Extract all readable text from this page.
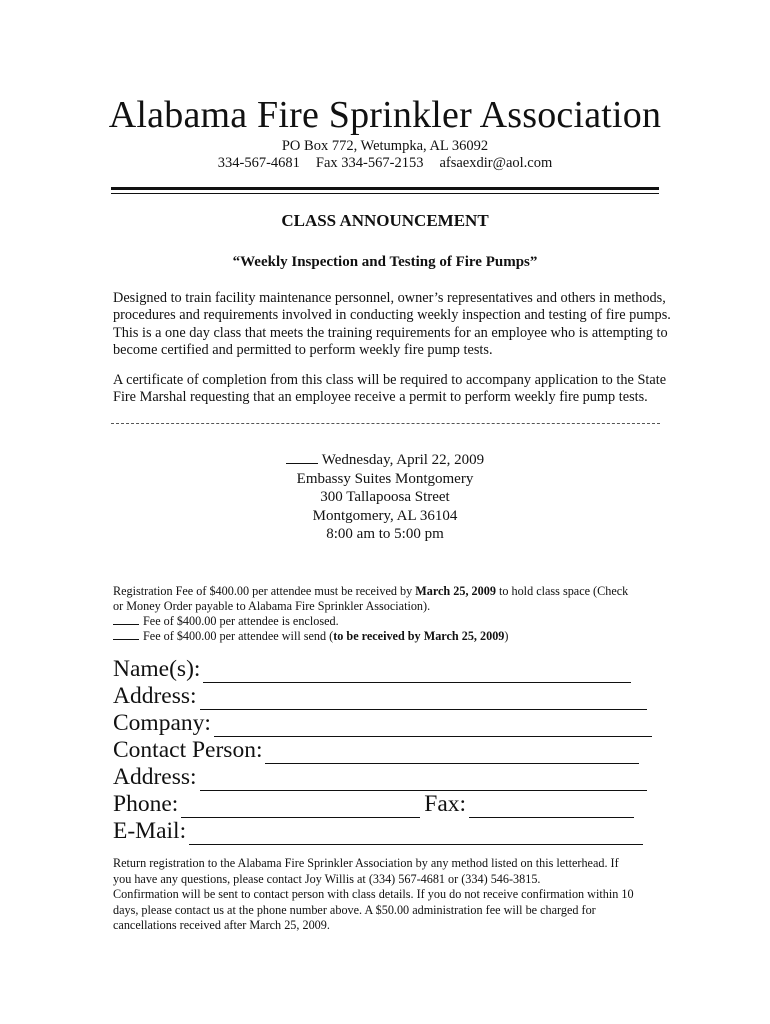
Alabama Fire Sprinkler Association
PO Box 772, Wetumpka, AL 36092
334-567-4681 Fax 334-567-2153 afsaexdir@aol.com
CLASS ANNOUNCEMENT
“Weekly Inspection and Testing of Fire Pumps”
Designed to train facility maintenance personnel, owner’s representatives and others in methods,
procedures and requirements involved in conducting weekly inspection and testing of fire pumps.
This is a one day class that meets the training requirements for an employee who is attempting to
become certified and permitted to perform weekly fire pump tests.
A certificate of completion from this class will be required to accompany application to the State
Fire Marshal requesting that an employee receive a permit to perform weekly fire pump tests.
Wednesday, April 22, 2009
Embassy Suites Montgomery
300 Tallapoosa Street
Montgomery, AL 36104
8:00 am to 5:00 pm
Registration Fee of $400.00 per attendee must be received by March 25, 2009 to hold class space (Check
or Money Order payable to Alabama Fire Sprinkler Association).
Fee of $400.00 per attendee is enclosed.
Fee of $400.00 per attendee will send (to be received by March 25, 2009)
Name(s):
Address:
Company:
Contact Person:
Address:
Phone:	Fax:
E-Mail:
Return registration to the Alabama Fire Sprinkler Association by any method listed on this letterhead. If
you have any questions, please contact Joy Willis at (334) 567-4681 or (334) 546-3815.
Confirmation will be sent to contact person with class details. If you do not receive confirmation within 10
days, please contact us at the phone number above. A $50.00 administration fee will be charged for
cancellations received after March 25, 2009.
